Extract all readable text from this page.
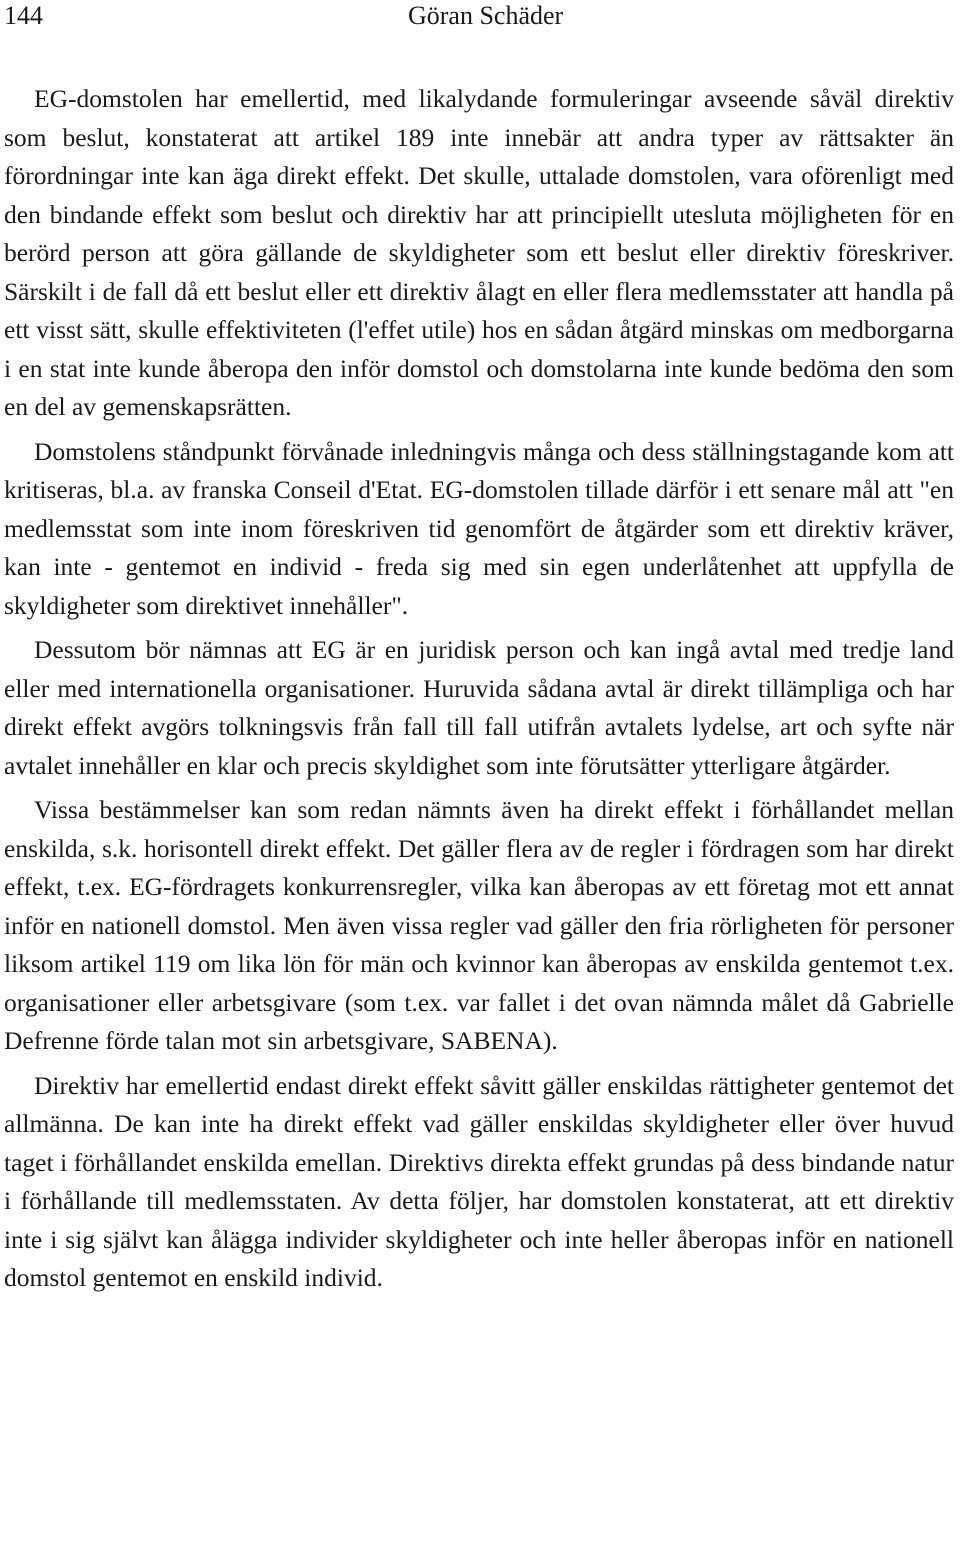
144	Göran Schäder

EG-domstolen har emellertid, med likalydande formuleringar avseende såväl direktiv som beslut, konstaterat att artikel 189 inte innebär att andra typer av rättsakter än förordningar inte kan äga direkt effekt. Det skulle, uttalade domstolen, vara oförenligt med den bindande effekt som beslut och direktiv har att principiellt utesluta möjligheten för en berörd person att göra gällande de skyldigheter som ett beslut eller direktiv föreskriver. Särskilt i de fall då ett beslut eller ett direktiv ålagt en eller flera medlemsstater att handla på ett visst sätt, skulle effektiviteten (l'effet utile) hos en sådan åtgärd minskas om medborgarna i en stat inte kunde åberopa den inför domstol och domstolarna inte kunde bedöma den som en del av gemenskapsrätten.

Domstolens ståndpunkt förvånade inledningvis många och dess ställningstagande kom att kritiseras, bl.a. av franska Conseil d'Etat. EG-domstolen tillade därför i ett senare mål att "en medlemsstat som inte inom föreskriven tid genomfört de åtgärder som ett direktiv kräver, kan inte - gentemot en individ - freda sig med sin egen underlåtenhet att uppfylla de skyldigheter som direktivet innehåller".

Dessutom bör nämnas att EG är en juridisk person och kan ingå avtal med tredje land eller med internationella organisationer. Huruvida sådana avtal är direkt tillämpliga och har direkt effekt avgörs tolkningsvis från fall till fall utifrån avtalets lydelse, art och syfte när avtalet innehåller en klar och precis skyldighet som inte förutsätter ytterligare åtgärder.

Vissa bestämmelser kan som redan nämnts även ha direkt effekt i förhållandet mellan enskilda, s.k. horisontell direkt effekt. Det gäller flera av de regler i fördragen som har direkt effekt, t.ex. EG-fördragets konkurrensregler, vilka kan åberopas av ett företag mot ett annat inför en nationell domstol. Men även vissa regler vad gäller den fria rörligheten för personer liksom artikel 119 om lika lön för män och kvinnor kan åberopas av enskilda gentemot t.ex. organisationer eller arbetsgivare (som t.ex. var fallet i det ovan nämnda målet då Gabrielle Defrenne förde talan mot sin arbetsgivare, SABENA).

Direktiv har emellertid endast direkt effekt såvitt gäller enskildas rättigheter gentemot det allmänna. De kan inte ha direkt effekt vad gäller enskildas skyldigheter eller över huvud taget i förhållandet enskilda emellan. Direktivs direkta effekt grundas på dess bindande natur i förhållande till medlemsstaten. Av detta följer, har domstolen konstaterat, att ett direktiv inte i sig självt kan ålägga individer skyldigheter och inte heller åberopas inför en nationell domstol gentemot en enskild individ.
